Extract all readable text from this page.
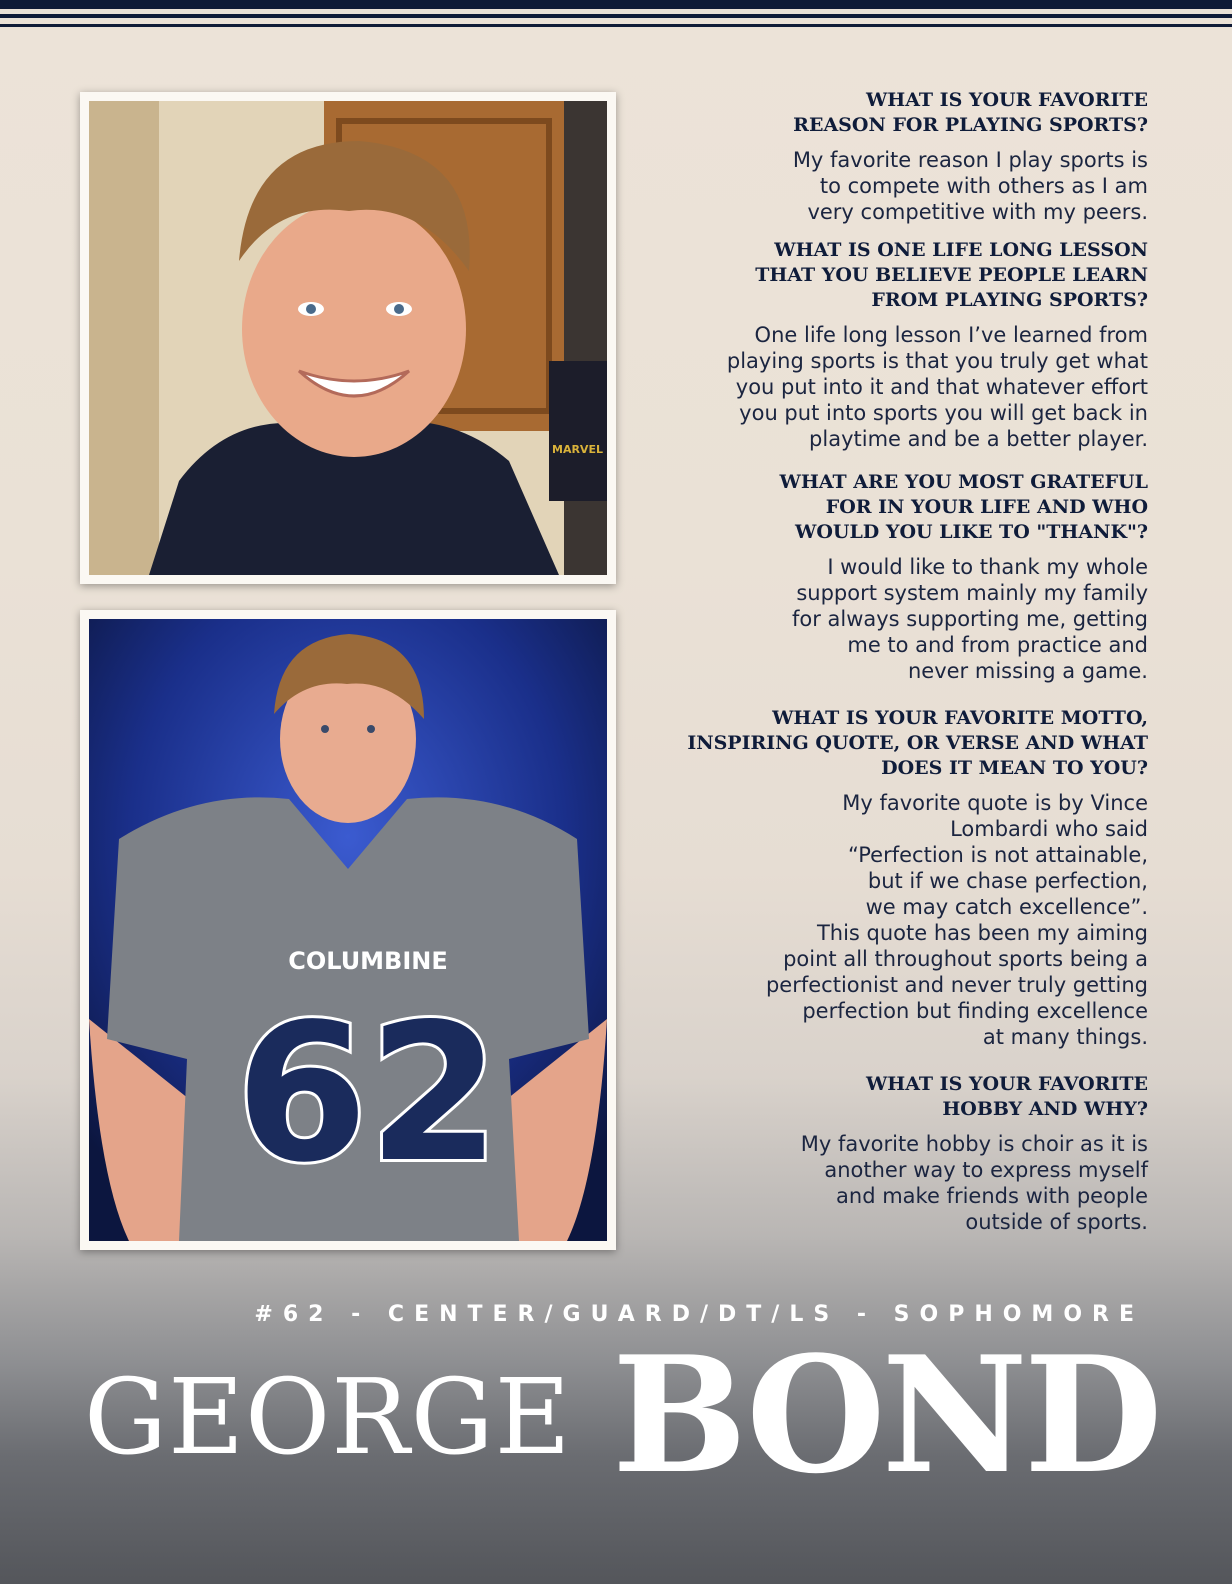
MARVEL
COLUMBINE
62
WHAT IS YOUR FAVORITE
REASON FOR PLAYING SPORTS?
My favorite reason I play sports is
to compete with others as I am
very competitive with my peers.
WHAT IS ONE LIFE LONG LESSON
THAT YOU BELIEVE PEOPLE LEARN
FROM PLAYING SPORTS?
One life long lesson I’ve learned from
playing sports is that you truly get what
you put into it and that whatever effort
you put into sports you will get back in
playtime and be a better player.
WHAT ARE YOU MOST GRATEFUL
FOR IN YOUR LIFE AND WHO
WOULD YOU LIKE TO "THANK"?
I would like to thank my whole
support system mainly my family
for always supporting me, getting
me to and from practice and
never missing a game.
WHAT IS YOUR FAVORITE MOTTO,
INSPIRING QUOTE, OR VERSE AND WHAT
DOES IT MEAN TO YOU?
My favorite quote is by Vince
Lombardi who said
“Perfection is not attainable,
but if we chase perfection,
we may catch excellence”.
This quote has been my aiming
point all throughout sports being a
perfectionist and never truly getting
perfection but finding excellence
at many things.
WHAT IS YOUR FAVORITE
HOBBY AND WHY?
My favorite hobby is choir as it is
another way to express myself
and make friends with people
outside of sports.
#62 - CENTER/GUARD/DT/LS - SOPHOMORE
GEORGE BOND
